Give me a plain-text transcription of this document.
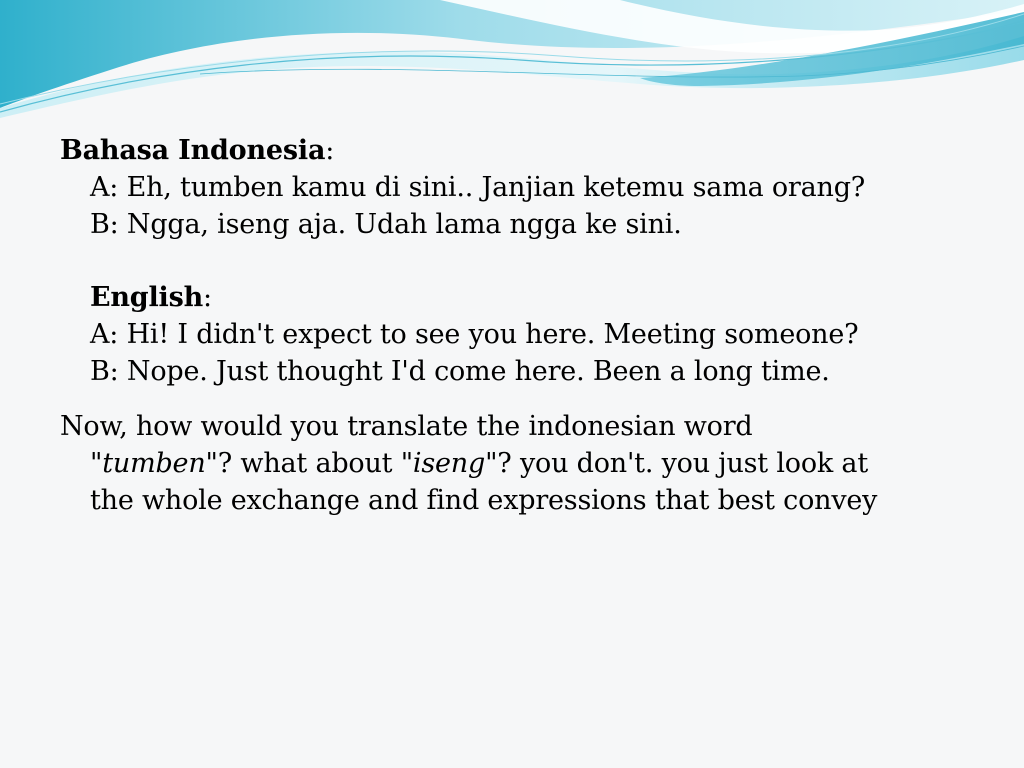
Bahasa Indonesia:
A: Eh, tumben kamu di sini.. Janjian ketemu sama orang?
B: Ngga, iseng aja. Udah lama ngga ke sini.
English:
A: Hi! I didn't expect to see you here. Meeting someone?
B: Nope. Just thought I'd come here. Been a long time.
Now, how would you translate the indonesian word
"tumben"? what about "iseng"? you don't. you just look at
the whole exchange and find expressions that best convey
